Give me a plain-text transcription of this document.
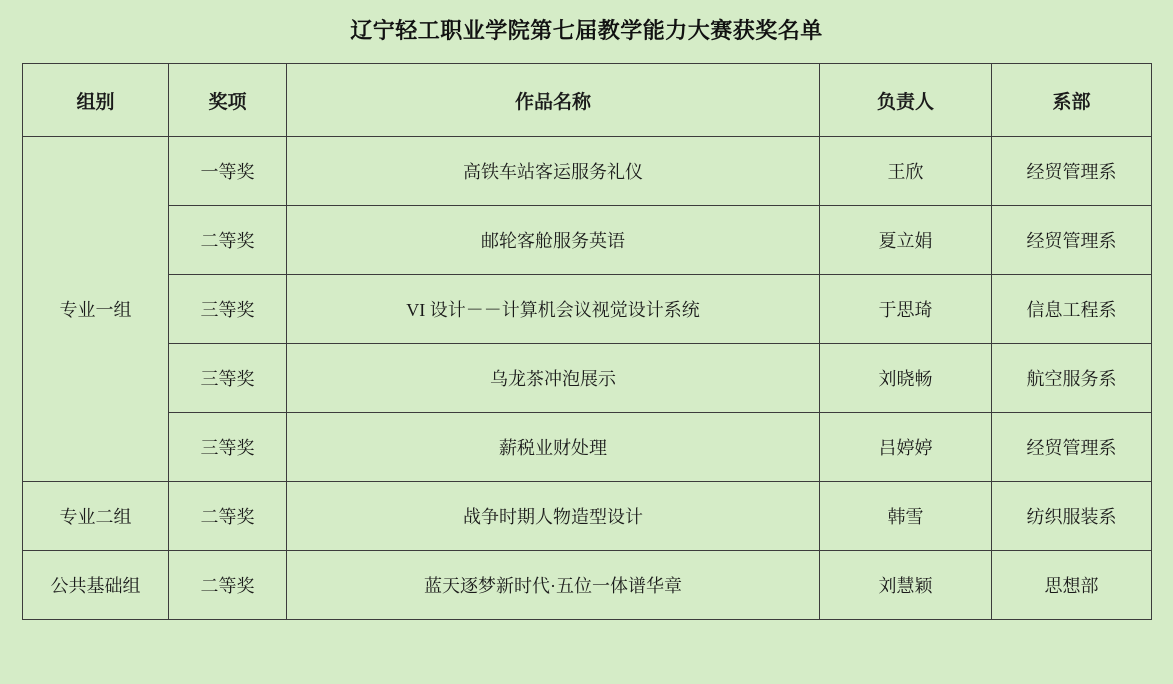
辽宁轻工职业学院第七届教学能力大赛获奖名单
组别	奖项	作品名称	负责人	系部
专业一组	一等奖	高铁车站客运服务礼仪	王欣	经贸管理系
	二等奖	邮轮客舱服务英语	夏立娟	经贸管理系
	三等奖	VI 设计－－计算机会议视觉设计系统	于思琦	信息工程系
	三等奖	乌龙茶冲泡展示	刘晓畅	航空服务系
	三等奖	薪税业财处理	吕婷婷	经贸管理系
专业二组	二等奖	战争时期人物造型设计	韩雪	纺织服装系
公共基础组	二等奖	蓝天逐梦新时代·五位一体谱华章	刘慧颖	思想部
